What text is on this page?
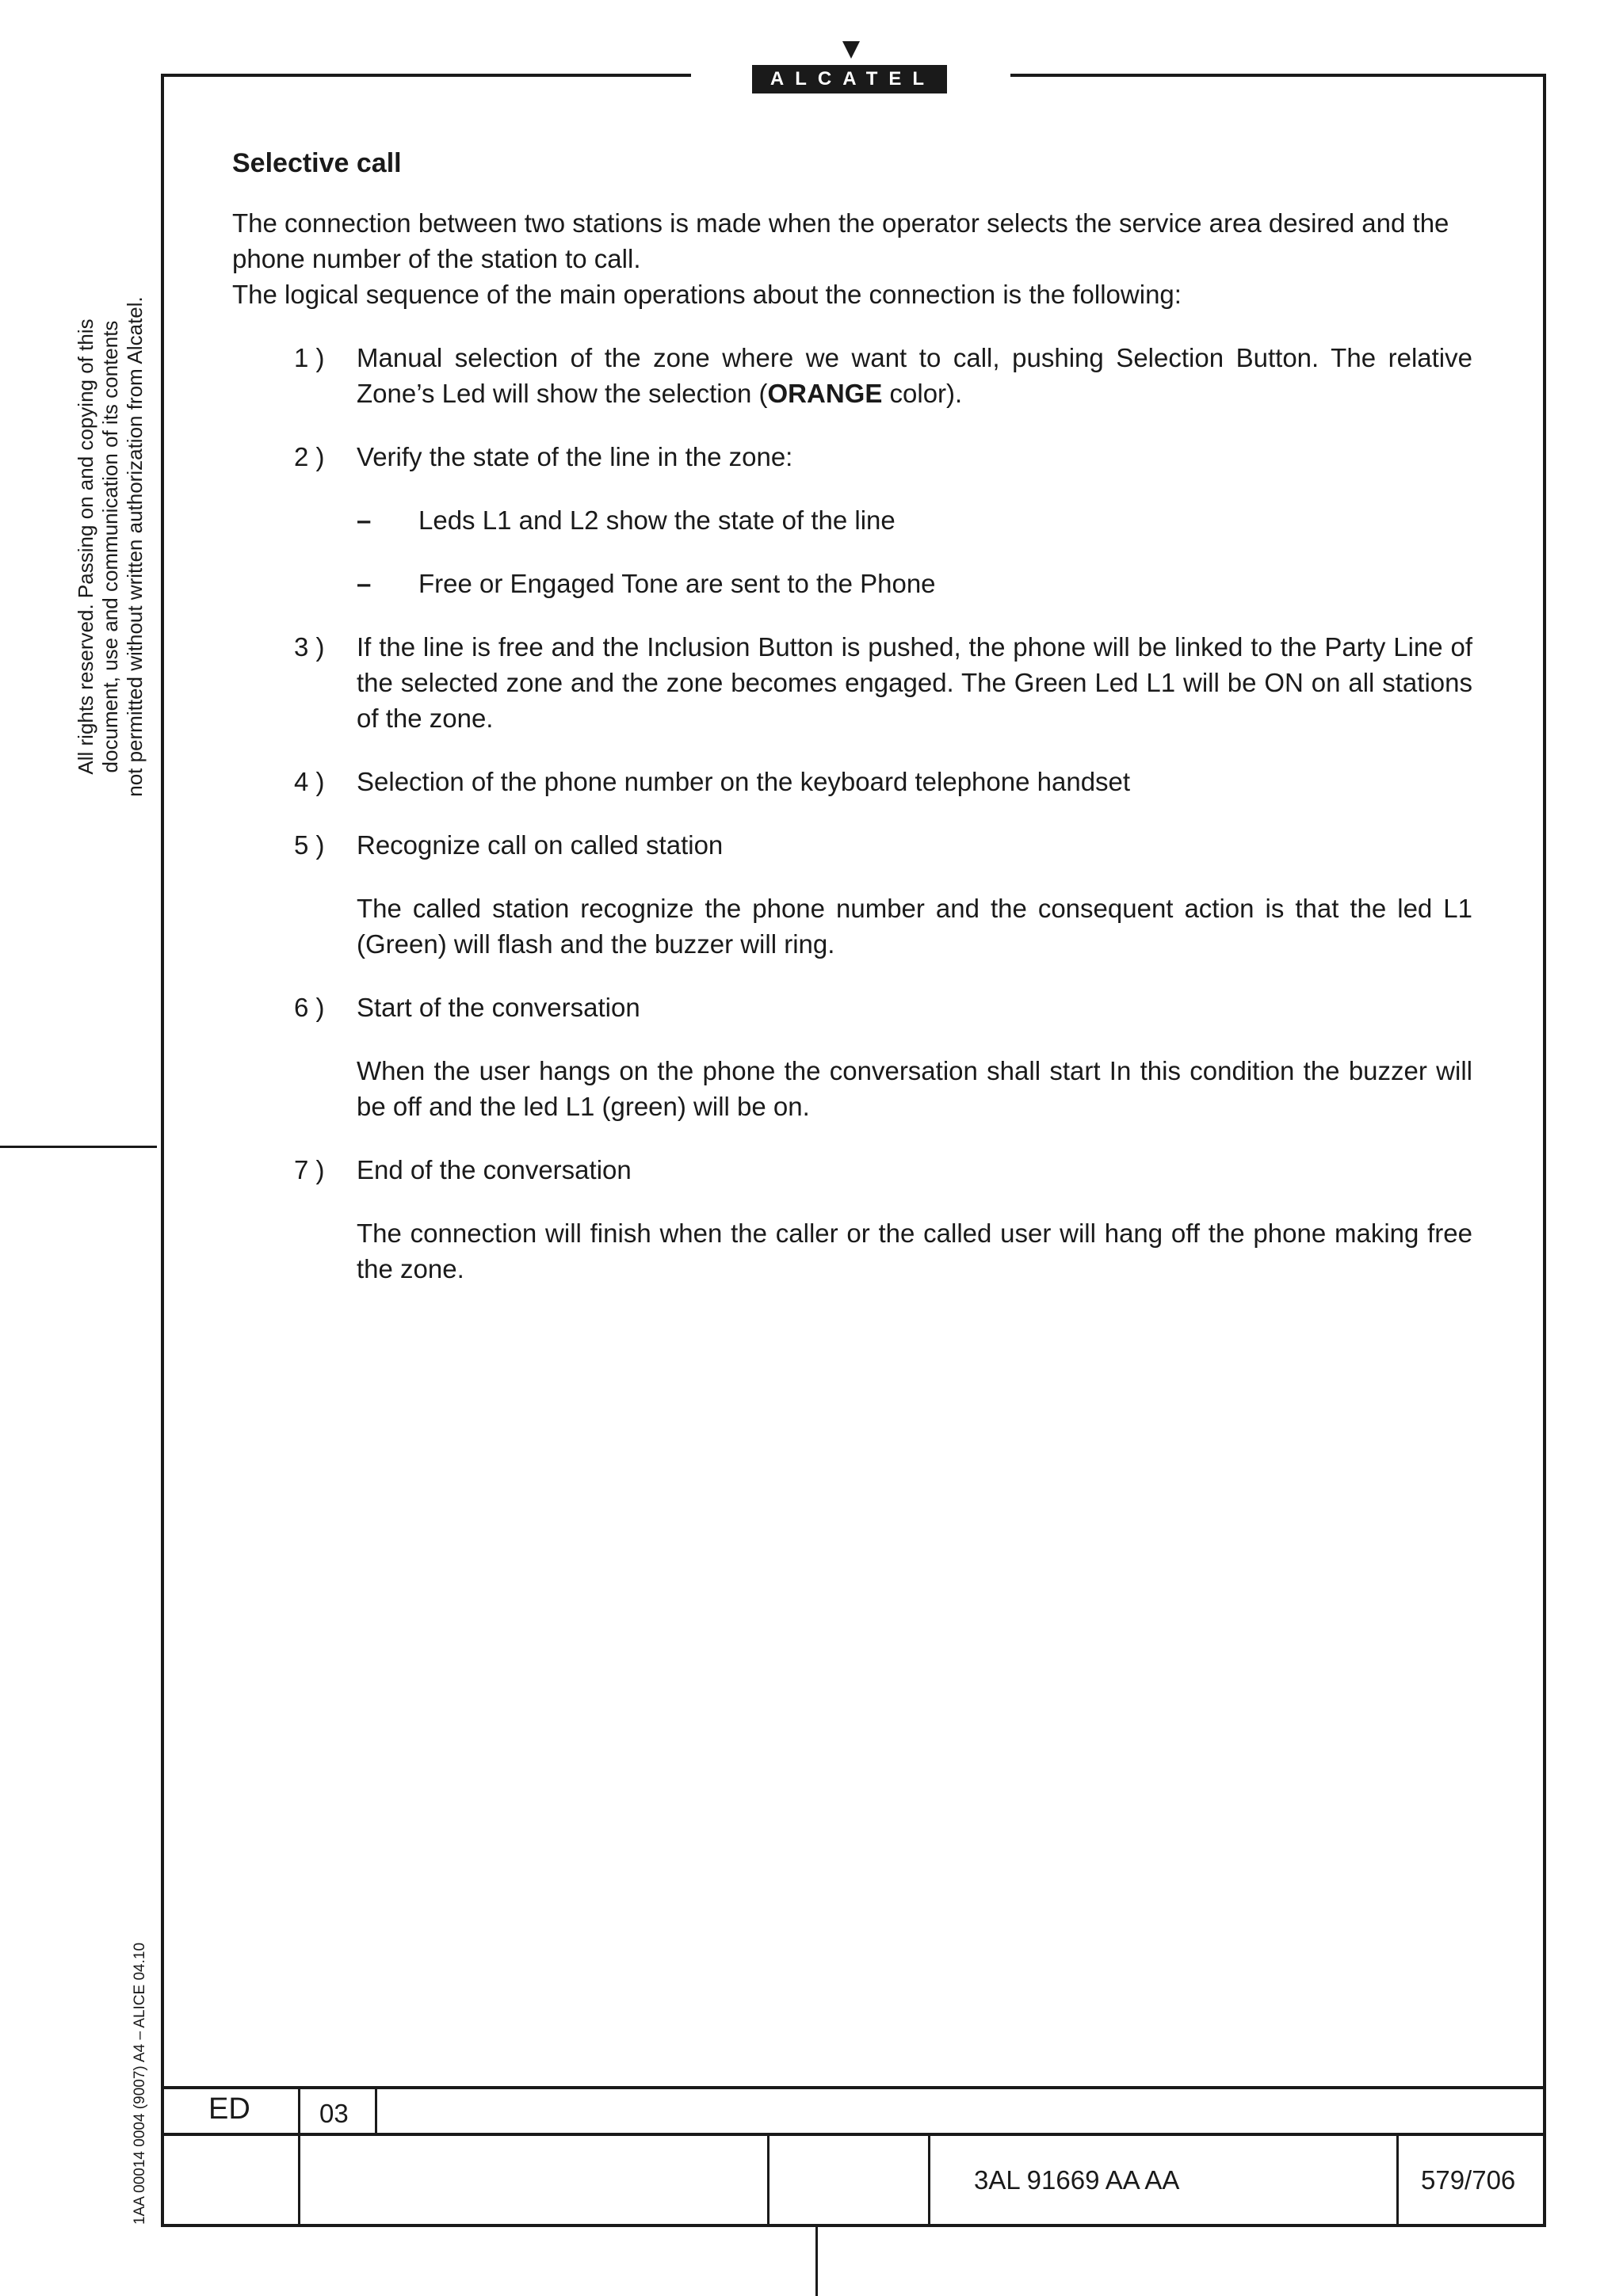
ALCATEL
All rights reserved. Passing on and copying of this document, use and communication of its contents not permitted without written authorization from Alcatel.
1AA 00014 0004 (9007) A4 – ALICE 04.10
Selective call

The connection between two stations is made when the operator selects the service area desired and the phone number of the station to call.

The logical sequence of the main operations about the connection is the following:

1 ) Manual selection of the zone where we want to call, pushing Selection Button. The relative Zone’s Led will show the selection (ORANGE color).
2 ) Verify the state of the line in the zone:
– Leds L1 and L2 show the state of the line
– Free or Engaged Tone are sent to the Phone
3 ) If the line is free and the Inclusion Button is pushed, the phone will be linked to the Party Line of the selected zone and the zone becomes engaged. The Green Led L1 will be ON on all stations of the zone.
4 ) Selection of the phone number on the keyboard telephone handset
5 ) Recognize call on called station
The called station recognize the phone number and the consequent action is that the led L1 (Green) will flash and the buzzer will ring.
6 ) Start of the conversation
When the user hangs on the phone the conversation shall start In this condition the buzzer will be off and the led L1 (green) will be on.
7 ) End of the conversation
The connection will finish when the caller or the called user will hang off the phone making free the zone.
ED	03
3AL 91669 AA AA	579/706
